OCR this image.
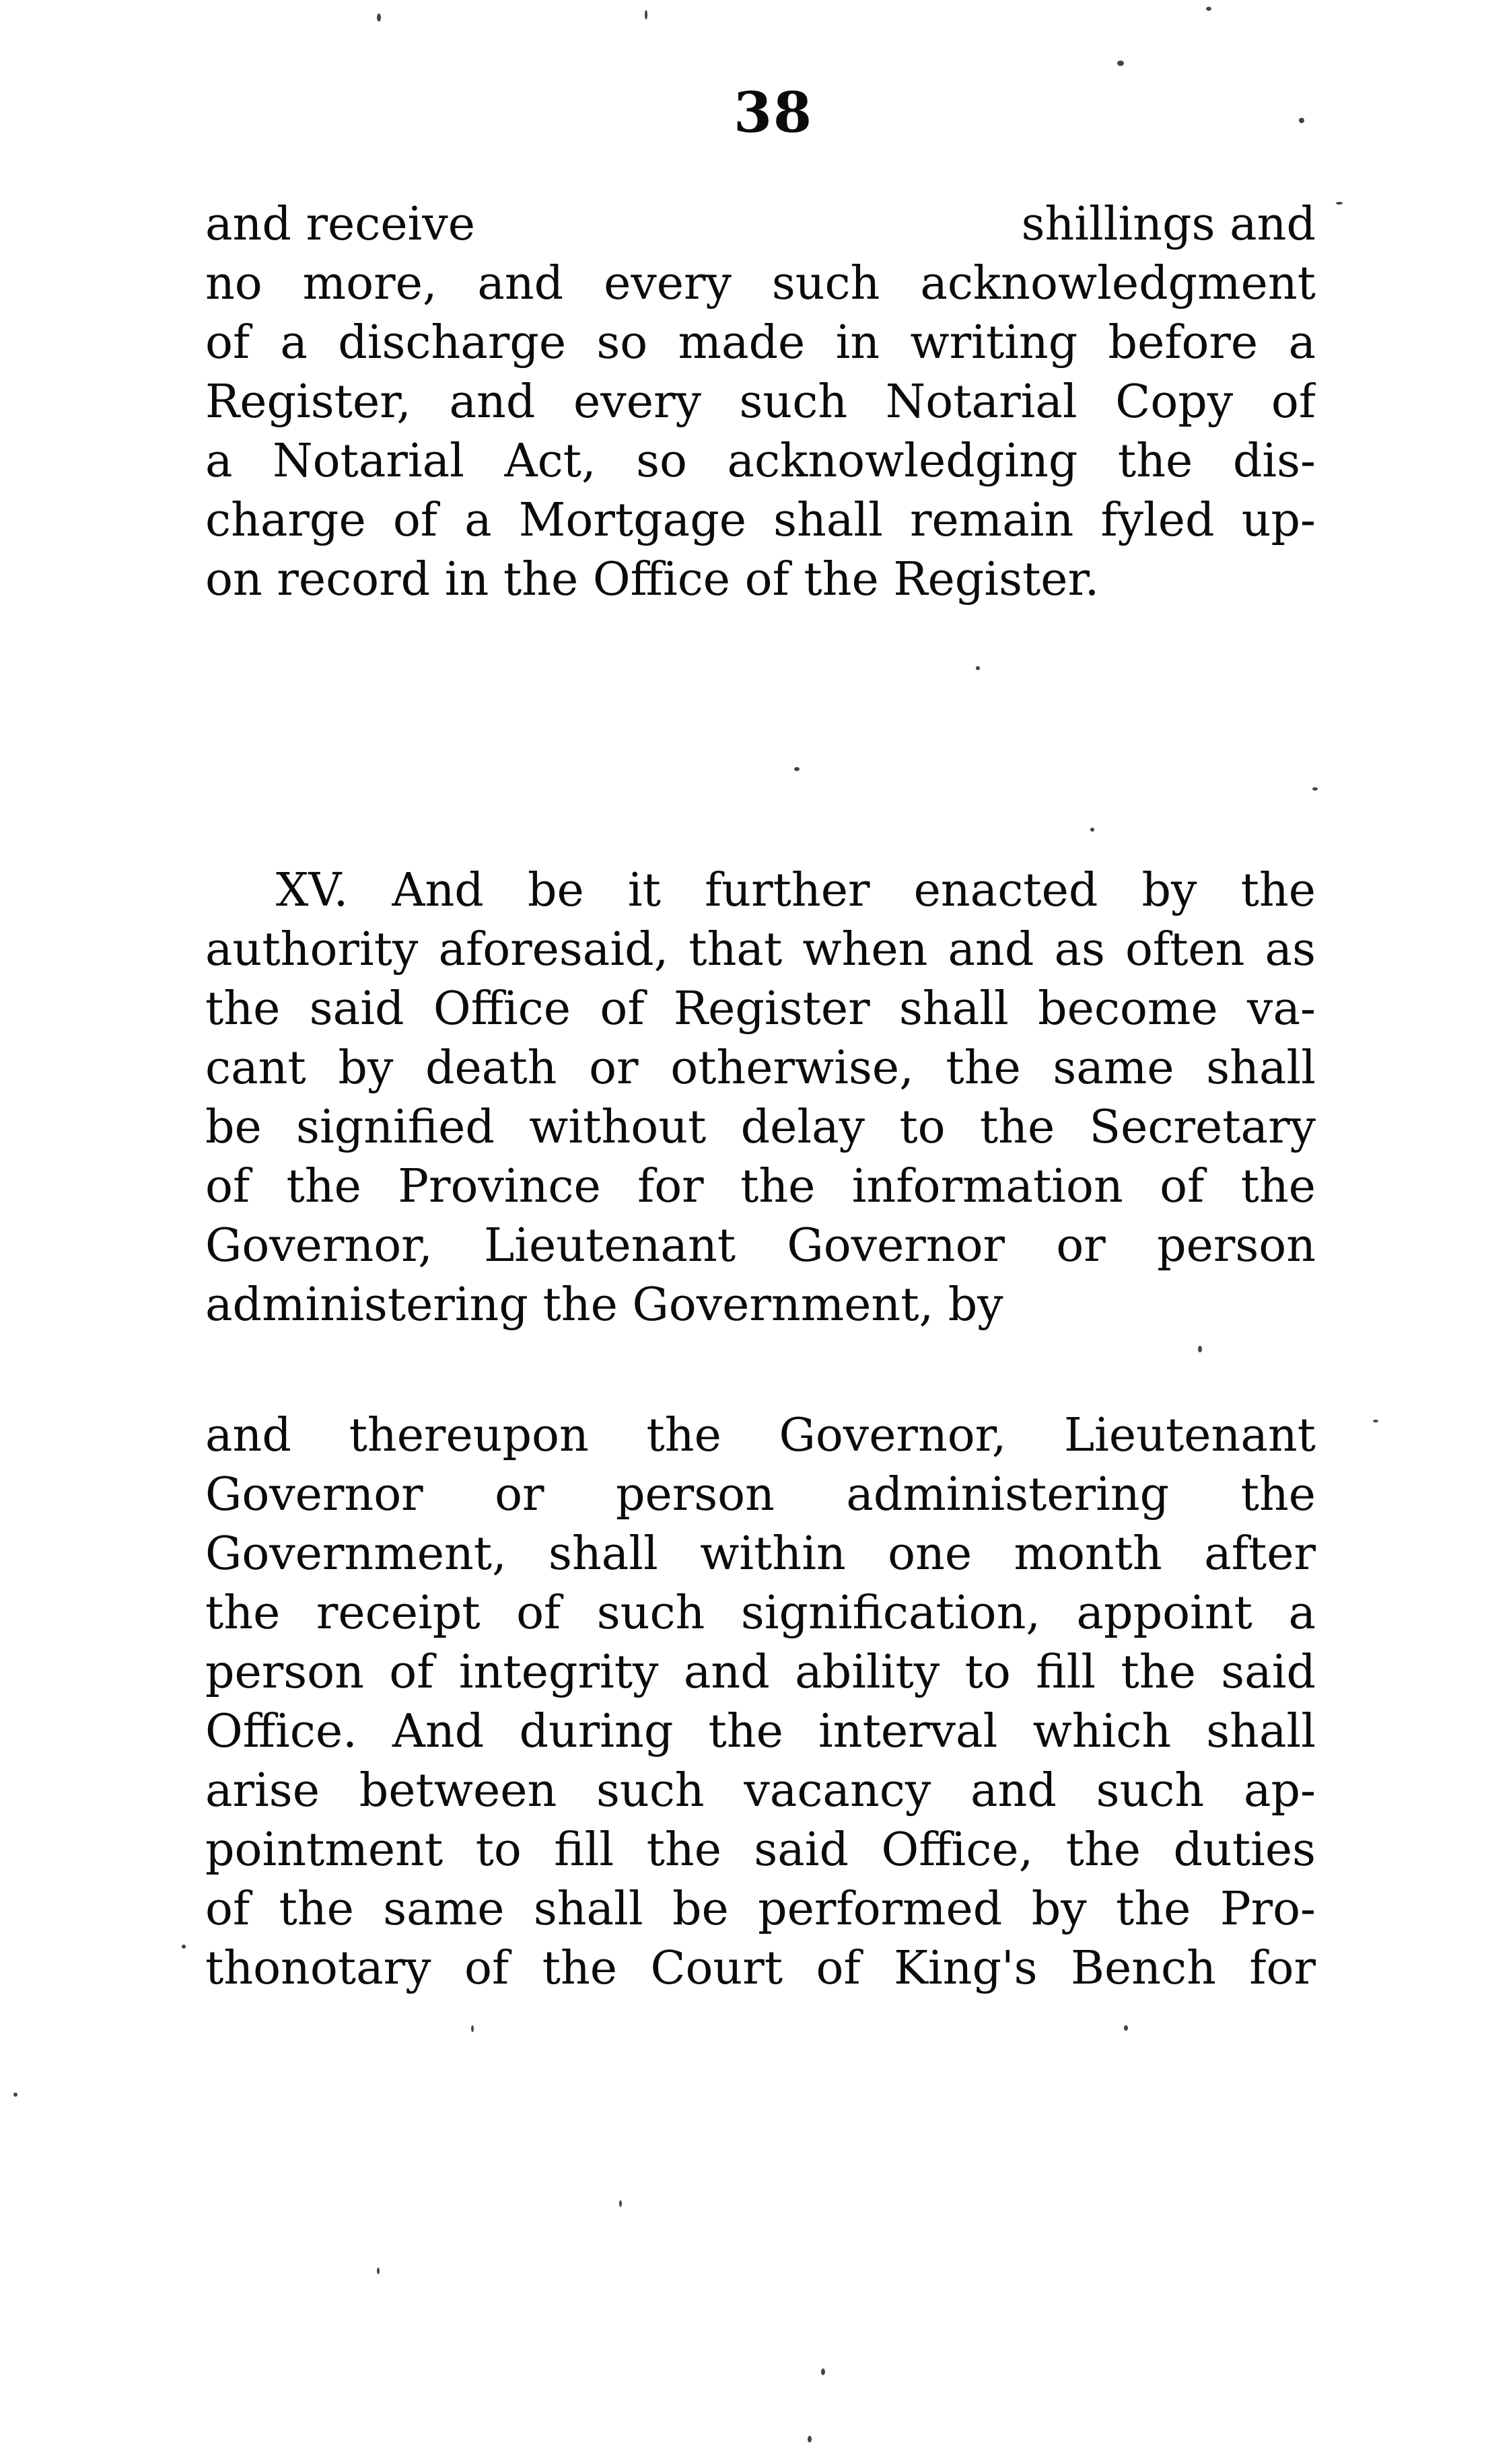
38
and receive	shillings and
no more, and every such acknowledgment
of a discharge so made in writing before a
Register, and every such Notarial Copy of
a Notarial Act, so acknowledging the dis-
charge of a Mortgage shall remain fyled up-
on record in the Office of the Register.
XV. And be it further enacted by the
authority aforesaid, that when and as often as
the said Office of Register shall become va-
cant by death or otherwise, the same shall
be signified without delay to the Secretary
of the Province for the information of the
Governor, Lieutenant Governor or person
administering the Government, by
and thereupon the Governor, Lieutenant
Governor or person administering the
Government, shall within one month after
the receipt of such signification, appoint a
person of integrity and ability to fill the said
Office. And during the interval which shall
arise between such vacancy and such ap-
pointment to fill the said Office, the duties
of the same shall be performed by the Pro-
thonotary of the Court of King's Bench for
